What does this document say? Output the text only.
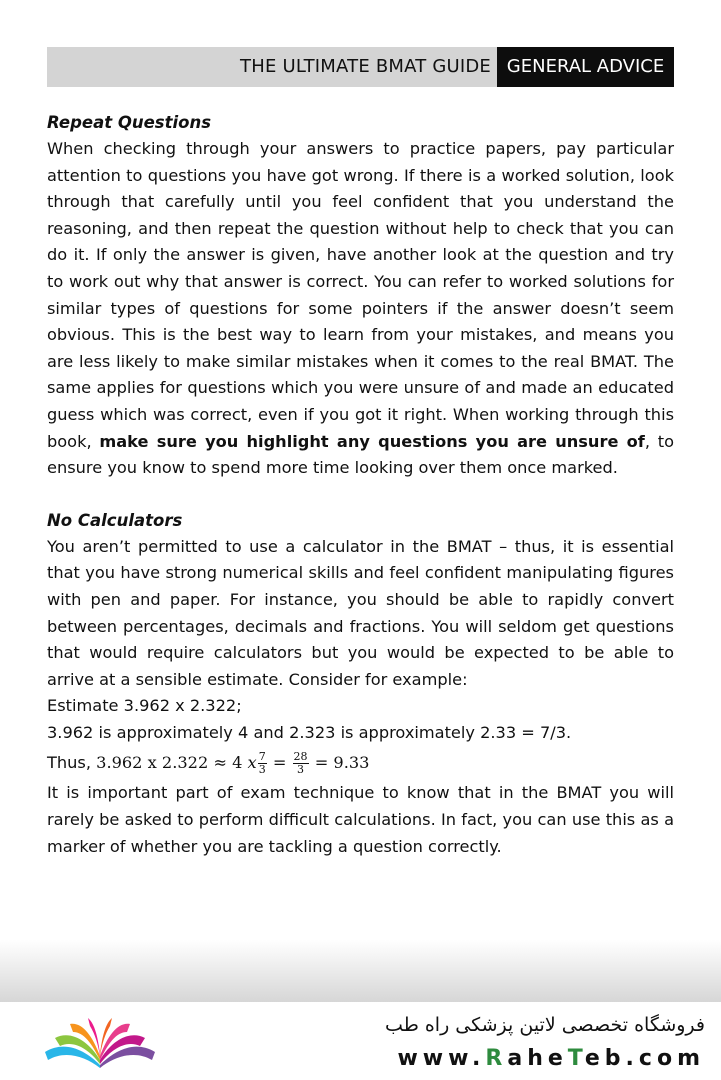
THE ULTIMATE BMAT GUIDE GENERAL ADVICE
Repeat Questions

When checking through your answers to practice papers, pay particular attention to questions you have got wrong. If there is a worked solution, look through that carefully until you feel confident that you understand the reasoning, and then repeat the question without help to check that you can do it. If only the answer is given, have another look at the question and try to work out why that answer is correct. You can refer to worked solutions for similar types of questions for some pointers if the answer doesn’t seem obvious. This is the best way to learn from your mistakes, and means you are less likely to make similar mistakes when it comes to the real BMAT. The same applies for questions which you were unsure of and made an educated guess which was correct, even if you got it right. When working through this book, make sure you highlight any questions you are unsure of, to ensure you know to spend more time looking over them once marked.

No Calculators

You aren’t permitted to use a calculator in the BMAT – thus, it is essential that you have strong numerical skills and feel confident manipulating figures with pen and paper. For instance, you should be able to rapidly convert between percentages, decimals and fractions. You will seldom get questions that would require calculators but you would be expected to be able to arrive at a sensible estimate. Consider for example:

Estimate 3.962 x 2.322;

3.962 is approximately 4 and 2.323 is approximately 2.33 = 7/3.

Thus, 3.962 x 2.322 ≈ 4 x $\frac{7}{3} = \frac{28}{3} = 9.33$

It is important part of exam technique to know that in the BMAT you will rarely be asked to perform difficult calculations. In fact, you can use this as a marker of whether you are tackling a question correctly.

فروشگاه تخصصی لاتین پزشکی راه طب
www.RaheTeb.com
